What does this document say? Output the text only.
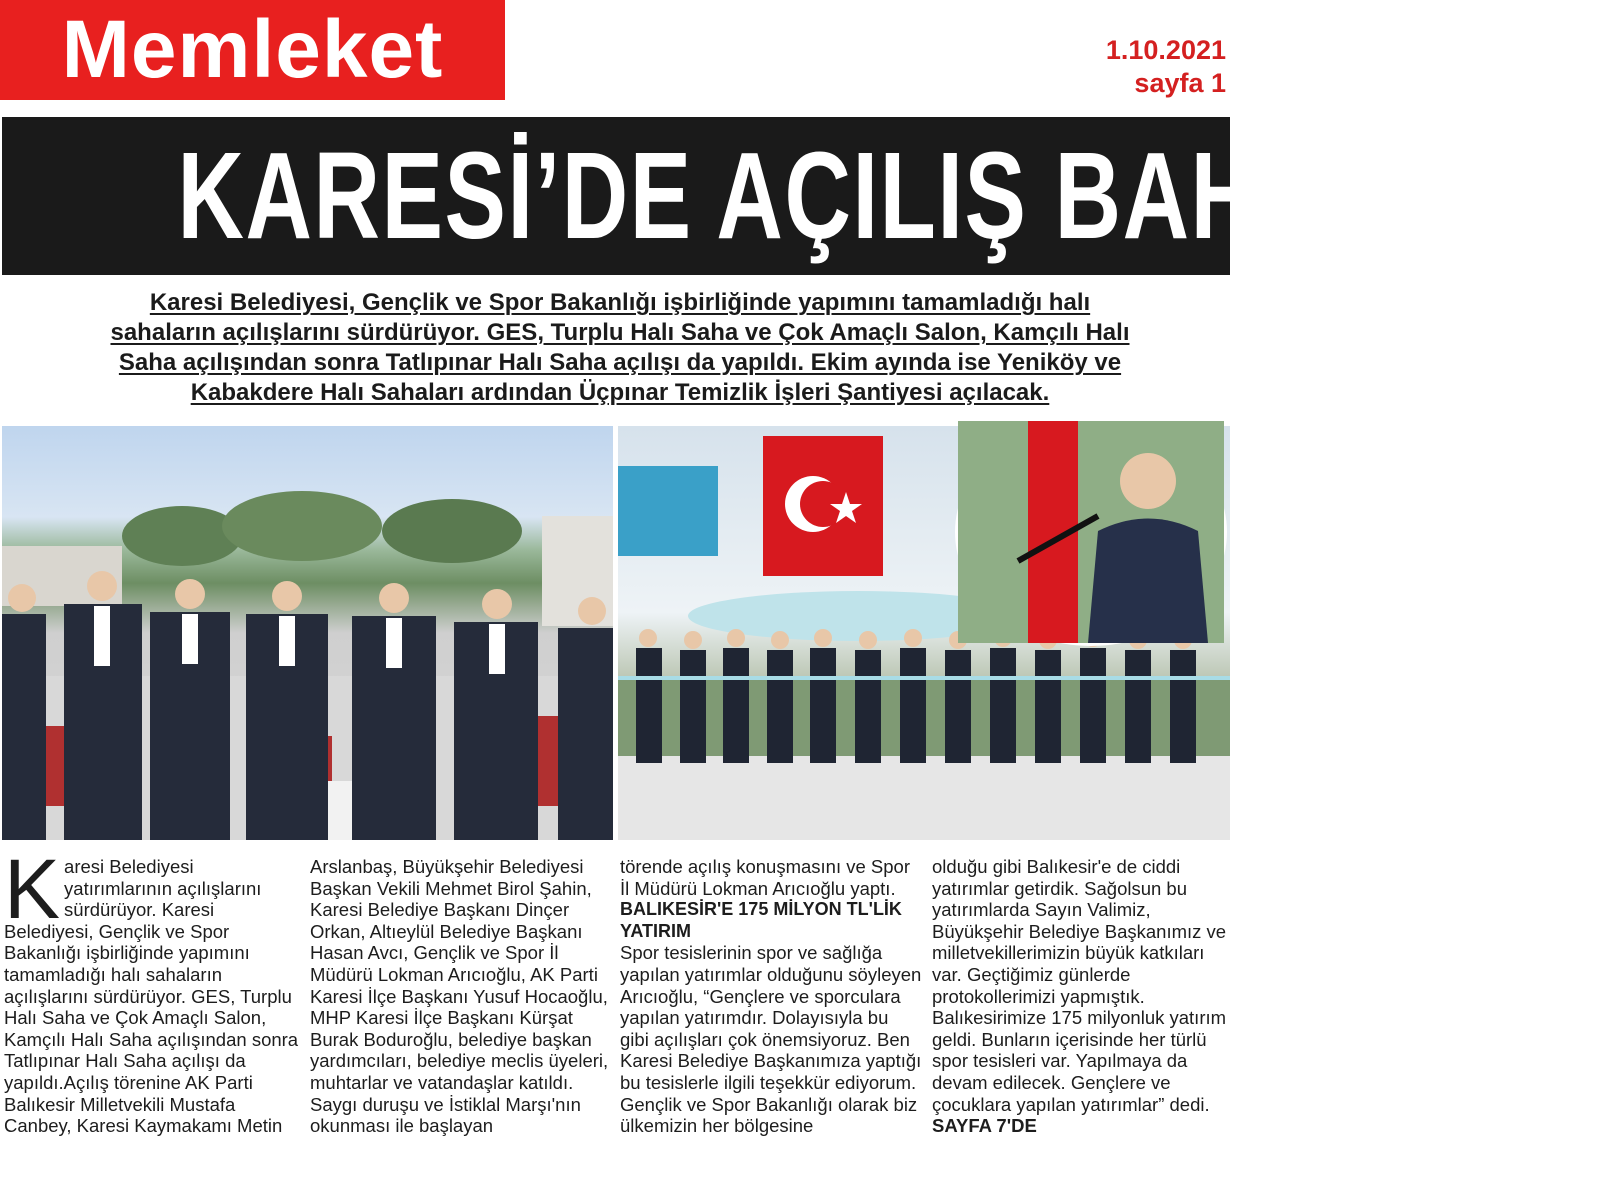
Memleket	1.10.2021
sayfa 1
KARESİ’DE AÇILIŞ BAHARI
Karesi Belediyesi, Gençlik ve Spor Bakanlığı işbirliğinde yapımını tamamladığı halı
sahaların açılışlarını sürdürüyor. GES, Turplu Halı Saha ve Çok Amaçlı Salon, Kamçılı Halı
Saha açılışından sonra Tatlıpınar Halı Saha açılışı da yapıldı. Ekim ayında ise Yeniköy ve
Kabakdere Halı Sahaları ardından Üçpınar Temizlik İşleri Şantiyesi açılacak.

Karesi Belediyesi yatırımlarının açılışlarını sürdürüyor. Karesi Belediyesi, Gençlik ve Spor Bakanlığı işbirliğinde yapımını tamamladığı halı sahaların açılışlarını sürdürüyor. GES, Turplu Halı Saha ve Çok Amaçlı Salon, Kamçılı Halı Saha açılışından sonra Tatlıpınar Halı Saha açılışı da yapıldı.Açılış törenine AK Parti Balıkesir Milletvekili Mustafa Canbey, Karesi Kaymakamı Metin

Arslanbaş, Büyükşehir Belediyesi Başkan Vekili Mehmet Birol Şahin, Karesi Belediye Başkanı Dinçer Orkan, Altıeylül Belediye Başkanı Hasan Avcı, Gençlik ve Spor İl Müdürü Lokman Arıcıoğlu, AK Parti Karesi İlçe Başkanı Yusuf Hocaoğlu, MHP Karesi İlçe Başkanı Kürşat Burak Boduroğlu, belediye başkan yardımcıları, belediye meclis üyeleri, muhtarlar ve vatandaşlar katıldı. Saygı duruşu ve İstiklal Marşı'nın okunması ile başlayan

törende açılış konuşmasını ve Spor İl Müdürü Lokman Arıcıoğlu yaptı.

BALIKESİR'E 175 MİLYON TL'LİK YATIRIM

Spor tesislerinin spor ve sağlığa yapılan yatırımlar olduğunu söyleyen Arıcıoğlu, “Gençlere ve sporculara yapılan yatırımdır. Dolayısıyla bu gibi açılışları çok önemsiyoruz. Ben Karesi Belediye Başkanımıza yaptığı bu tesislerle ilgili teşekkür ediyorum. Gençlik ve Spor Bakanlığı olarak biz ülkemizin her bölgesine

olduğu gibi Balıkesir'e de ciddi yatırımlar getirdik. Sağolsun bu yatırımlarda Sayın Valimiz, Büyükşehir Belediye Başkanımız ve milletvekillerimizin büyük katkıları var. Geçtiğimiz günlerde protokollerimizi yapmıştık. Balıkesirimize 175 milyonluk yatırım geldi. Bunların içerisinde her türlü spor tesisleri var. Yapılmaya da devam edilecek. Gençlere ve çocuklara yapılan yatırımlar” dedi.

SAYFA 7'DE
